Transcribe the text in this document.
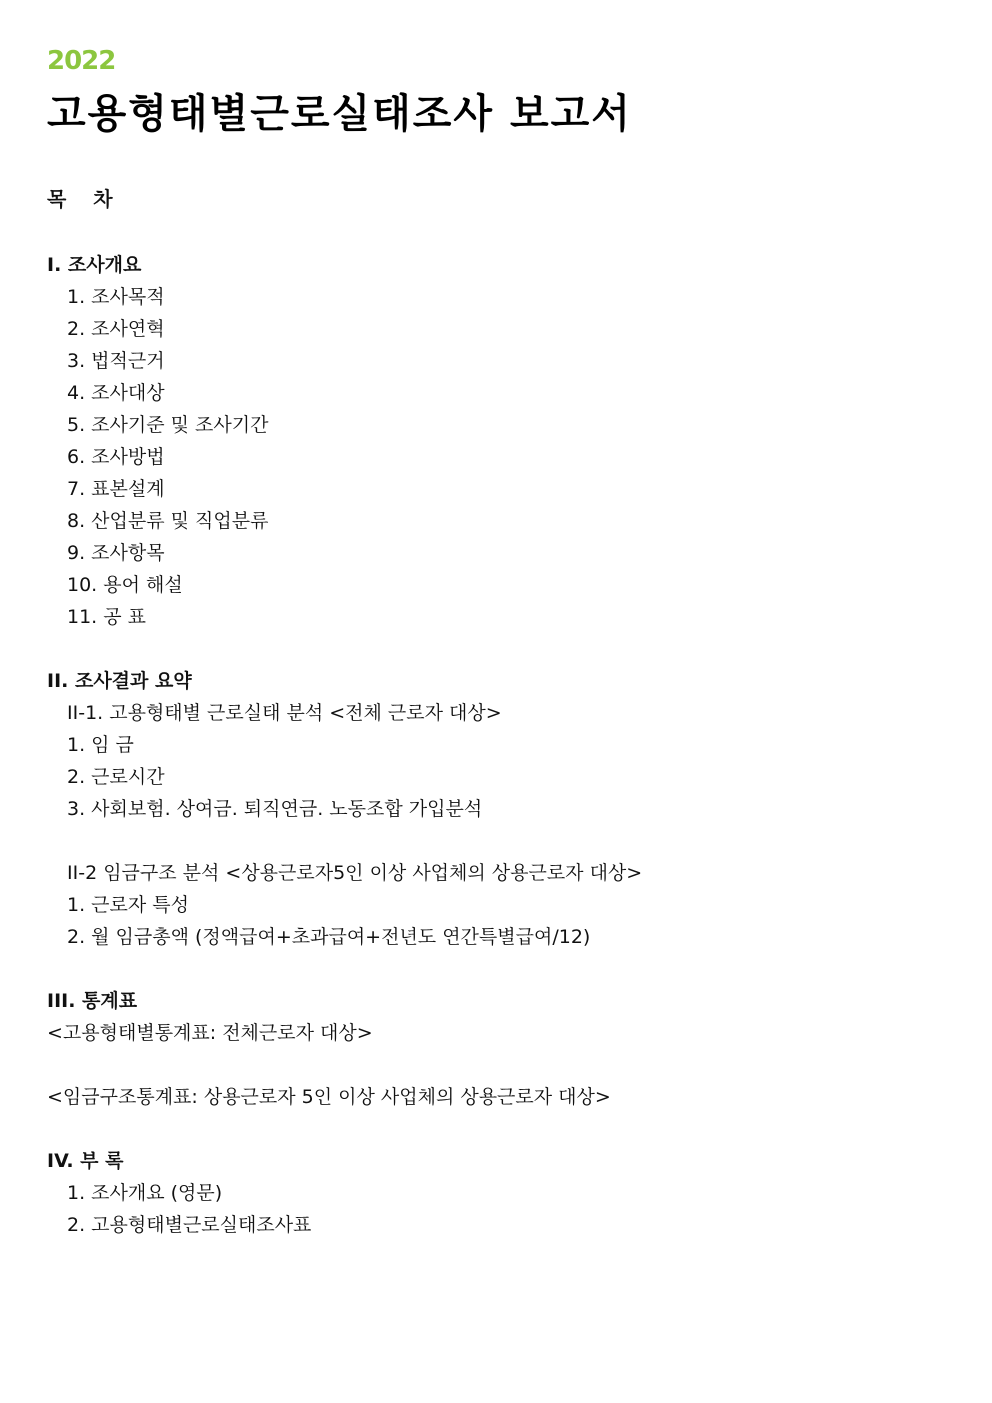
2022
고용형태별근로실태조사 보고서
목 차
I. 조사개요
1. 조사목적
2. 조사연혁
3. 법적근거
4. 조사대상
5. 조사기준 및 조사기간
6. 조사방법
7. 표본설계
8. 산업분류 및 직업분류
9. 조사항목
10. 용어 해설
11. 공 표
II. 조사결과 요약
II-1. 고용형태별 근로실태 분석 <전체 근로자 대상>
1. 임 금
2. 근로시간
3. 사회보험. 상여금. 퇴직연금. 노동조합 가입분석
II-2 임금구조 분석 <상용근로자5인 이상 사업체의 상용근로자 대상>
1. 근로자 특성
2. 월 임금총액 (정액급여+초과급여+전년도 연간특별급여/12)
III. 통계표
<고용형태별통계표: 전체근로자 대상>
<임금구조통계표: 상용근로자 5인 이상 사업체의 상용근로자 대상>
IV. 부 록
1. 조사개요 (영문)
2. 고용형태별근로실태조사표
